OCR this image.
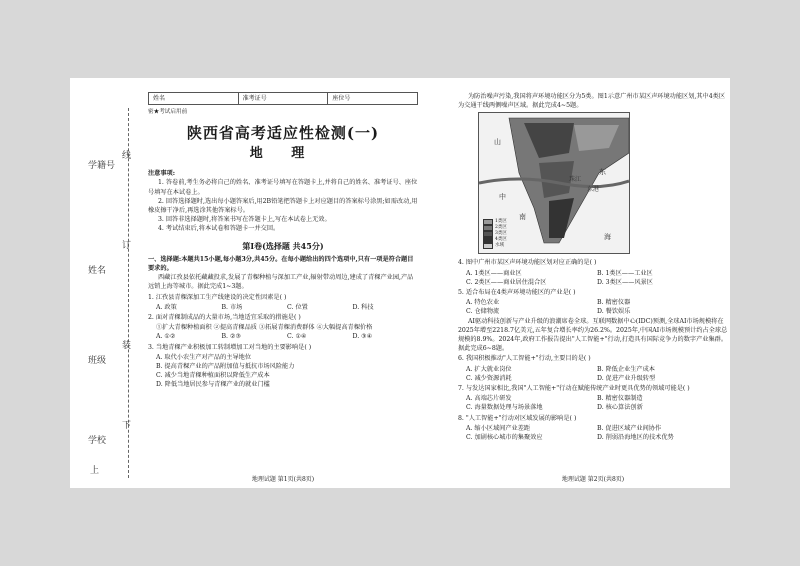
学校
班级
姓名
学籍号
线
订
装
上
下
姓名	准考证号	座位号
密★考试启用前
陕西省高考适应性检测(一)
地 理
注意事项:
1. 答卷前,考生务必将自己的姓名、准考证号填写在答题卡上,并将自己的姓名、准考证号、座位号填写在本试卷上。
2. 回答选择题时,选出每小题答案后,用2B铅笔把答题卡上对应题目的答案标号涂黑;如需改动,用橡皮擦干净后,再选涂其他答案标号。
3. 回答非选择题时,将答案书写在答题卡上,写在本试卷上无效。
4. 考试结束后,将本试卷和答题卡一并交回。
第Ⅰ卷(选择题 共45分)
一、选择题:本题共15小题,每小题3分,共45分。在每小题给出的四个选项中,只有一项是符合题目要求的。
西藏江孜县依托藏藏投求,发展了青稞种植与深加工产业,辐射带动周边,建成了青稞产业园,产品远销上海等城市。据此完成1~3题。
1. 江孜县青稞深加工生产线建设的决定性因素是( )
A. 政策	B. 市场	C. 位置	D. 科技
2. 面对青稞制成品的大量市场,当地适宜采取的措施是( )
①扩大青稞种植面积 ②提高青稞品质 ③拓展青稞消费群体 ④大幅提高青稞价格
A. ①②	B. ②③	C. ①④	D. ③④
3. 当地青稞产业积极加工转制增加工对当地的主要影响是( )
A. 取代小农生产对产品的主导地位
B. 提高青稞产业的产品附加值与抵抗市场风险能力
C. 减少当地青稞种植面积以降低生产成本
D. 降低当地居民参与青稞产业的就业门槛
地理试题 第1页(共8页)
为防治噪声污染,我国将声环境功能区分为5类。图1示意广州市某区声环境功能区划,其中4类区为交通干线两侧噪声区域。据此完成4~5题。
山
东
中
海
东港
南
珠江
1类区
2类区
3类区
4类区
水域
4. 图中广州市某区声环境功能区划对应正确的是( )
A. 1类区——商业区	B. 1类区——工业区
C. 2类区——商业居住混合区	D. 3类区——风景区
5. 适合布局在4类声环境功能区的产业是( )
A. 特色农业	B. 精密仪器
C. 仓储物流	D. 餐饮娱乐
AI驱动科技创新与产业升级的浪潮席卷全球。互联网数据中心(IDC)预测,全球AI市场规模将在2025年增至2218.7亿美元,五年复合增长率约为26.2%。2025年,中国AI市场规模预计约占全球总规模的8.9%。2024年,政府工作报告提出"人工智能+"行动,打造具有国际竞争力的数字产业集群。据此完成6~8题。
6. 我国积极推动"人工智能+"行动,主要目的是( )
A. 扩大就业岗位	B. 降低企业生产成本
C. 减少资源消耗	D. 促进产业升级转型
7. 与发达国家相比,我国"人工智能+"行动在赋能传统产业时更具优势的领域可能是( )
A. 高端芯片研发	B. 精密仪器制造
C. 海量数据处理与场景落地	D. 核心算法创新
8. "人工智能+"行动对区域发展的影响是( )
A. 缩小区域间产业差距	B. 促进区域产业间协作
C. 加剧核心城市的集聚效应	D. 削弱沿海地区的技术优势
地理试题 第2页(共8页)
